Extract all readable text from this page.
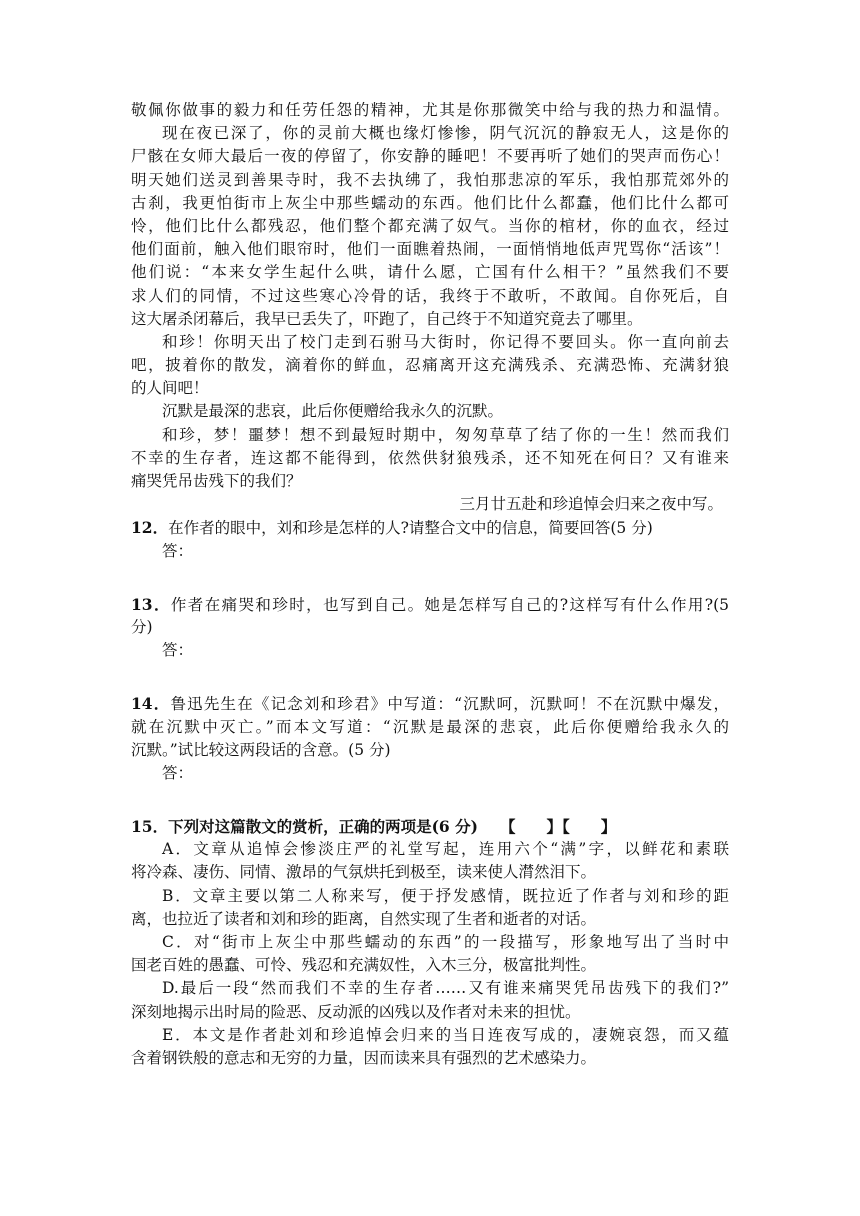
敬佩你做事的毅力和任劳任怨的精神，尤其是你那微笑中给与我的热力和温情。
现在夜已深了，你的灵前大概也缘灯惨惨，阴气沉沉的静寂无人，这是你的
尸骸在女师大最后一夜的停留了，你安静的睡吧！不要再听了她们的哭声而伤心！
明天她们送灵到善果寺时，我不去执绋了，我怕那悲凉的军乐，我怕那荒郊外的
古刹，我更怕街市上灰尘中那些蠕动的东西。他们比什么都蠢，他们比什么都可
怜，他们比什么都残忍，他们整个都充满了奴气。当你的棺材，你的血衣，经过
他们面前，触入他们眼帘时，他们一面瞧着热闹，一面悄悄地低声咒骂你“活该”！
他们说：“本来女学生起什么哄，请什么愿，亡国有什么相干？”虽然我们不要
求人们的同情，不过这些寒心冷骨的话，我终于不敢听，不敢闻。自你死后，自
这大屠杀闭幕后，我早已丢失了，吓跑了，自己终于不知道究竟去了哪里。
和珍！你明天出了校门走到石驸马大街时，你记得不要回头。你一直向前去
吧，披着你的散发，滴着你的鲜血，忍痛离开这充满残杀、充满恐怖、充满豺狼
的人间吧！
沉默是最深的悲哀，此后你便赠给我永久的沉默。
和珍，梦！噩梦！想不到最短时期中，匆匆草草了结了你的一生！然而我们
不幸的生存者，连这都不能得到，依然供豺狼残杀，还不知死在何日？又有谁来
痛哭凭吊齿残下的我们？
三月廿五赴和珍追悼会归来之夜中写。
12．在作者的眼中，刘和珍是怎样的人?请整合文中的信息，简要回答(5 分)
答：
13．作者在痛哭和珍时，也写到自己。她是怎样写自己的?这样写有什么作用?(5
分)
答：
14．鲁迅先生在《记念刘和珍君》中写道：“沉默呵，沉默呵！不在沉默中爆发，
就在沉默中灭亡。”而本文写道：“沉默是最深的悲哀，此后你便赠给我永久的
沉默。”试比较这两段话的含意。(5 分)
答：
15．下列对这篇散文的赏析，正确的两项是(6 分) 【　　】【　　】
A．文章从追悼会惨淡庄严的礼堂写起，连用六个“满”字，以鲜花和素联
将冷森、凄伤、同情、激昂的气氛烘托到极至，读来使人潸然泪下。
B．文章主要以第二人称来写，便于抒发感情，既拉近了作者与刘和珍的距
离，也拉近了读者和刘和珍的距离，自然实现了生者和逝者的对话。
C．对“街市上灰尘中那些蠕动的东西”的一段描写，形象地写出了当时中
国老百姓的愚蠢、可怜、残忍和充满奴性，入木三分，极富批判性。
D.最后一段“然而我们不幸的生存者……又有谁来痛哭凭吊齿残下的我们?”
深刻地揭示出时局的险恶、反动派的凶残以及作者对未来的担忧。
E．本文是作者赴刘和珍追悼会归来的当日连夜写成的，凄婉哀怨，而又蕴
含着钢铁般的意志和无穷的力量，因而读来具有强烈的艺术感染力。
